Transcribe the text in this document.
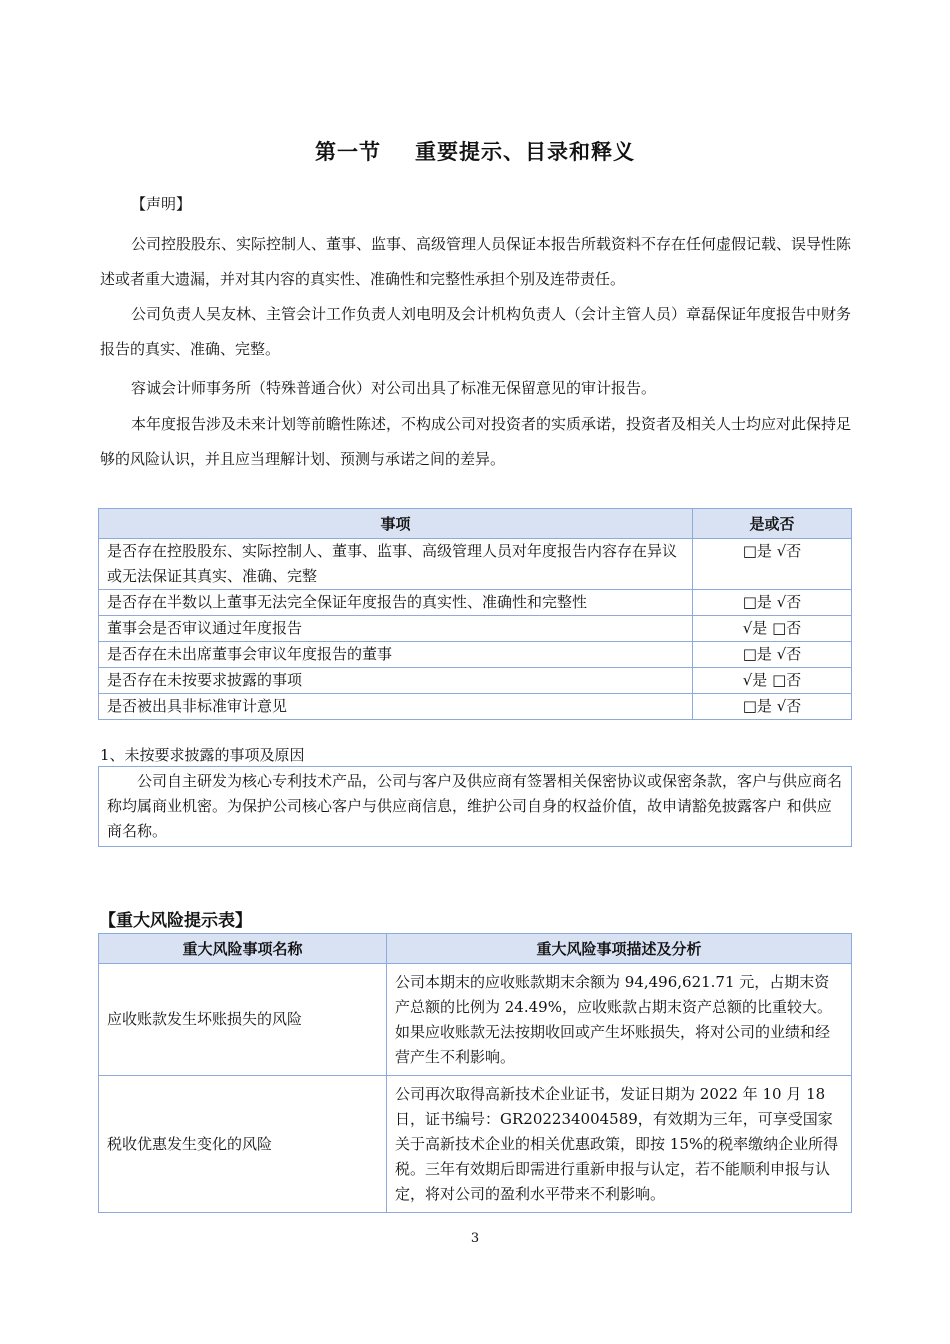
第一节 重要提示、目录和释义

【声明】

公司控股股东、实际控制人、董事、监事、高级管理人员保证本报告所载资料不存在任何虚假记载、误导性陈述或者重大遗漏，并对其内容的真实性、准确性和完整性承担个别及连带责任。

公司负责人吴友林、主管会计工作负责人刘电明及会计机构负责人（会计主管人员）章磊保证年度报告中财务报告的真实、准确、完整。

容诚会计师事务所（特殊普通合伙）对公司出具了标准无保留意见的审计报告。

本年度报告涉及未来计划等前瞻性陈述，不构成公司对投资者的实质承诺，投资者及相关人士均应对此保持足够的风险认识，并且应当理解计划、预测与承诺之间的差异。

事项	是或否
是否存在控股股东、实际控制人、董事、监事、高级管理人员对年度报告内容存在异议或无法保证其真实、准确、完整	□是 √否
是否存在半数以上董事无法完全保证年度报告的真实性、准确性和完整性	□是 √否
董事会是否审议通过年度报告	√是 □否
是否存在未出席董事会审议年度报告的董事	□是 √否
是否存在未按要求披露的事项	√是 □否
是否被出具非标准审计意见	□是 √否
1、未按要求披露的事项及原因
公司自主研发为核心专利技术产品，公司与客户及供应商有签署相关保密协议或保密条款，客户与供应商名称均属商业机密。为保护公司核心客户与供应商信息，维护公司自身的权益价值，故申请豁免披露客户 和供应商名称。
【重大风险提示表】
重大风险事项名称	重大风险事项描述及分析
应收账款发生坏账损失的风险	公司本期末的应收账款期末余额为 94,496,621.71 元，占期末资产总额的比例为 24.49%，应收账款占期末资产总额的比重较大。如果应收账款无法按期收回或产生坏账损失，将对公司的业绩和经营产生不利影响。
税收优惠发生变化的风险	公司再次取得高新技术企业证书，发证日期为 2022 年 10 月 18 日，证书编号：GR202234004589，有效期为三年，可享受国家关于高新技术企业的相关优惠政策，即按 15%的税率缴纳企业所得税。三年有效期后即需进行重新申报与认定，若不能顺利申报与认定，将对公司的盈利水平带来不利影响。
3
